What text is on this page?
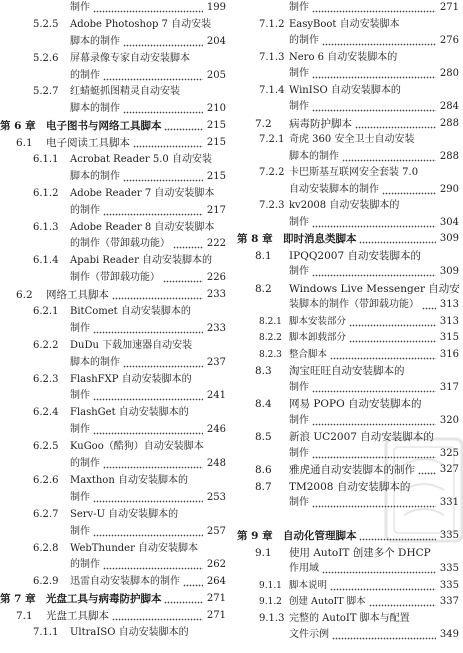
制作	199
5.2.5 Adobe Photoshop 7 自动安装
脚本的制作	204
5.2.6 屏幕录像专家自动安装脚本
的制作	205
5.2.7 红蜻蜓抓图精灵自动安装
脚本的制作	210
第 6 章 电子图书与网络工具脚本	215
6.1 电子阅读工具脚本	215
6.1.1 Acrobat Reader 5.0 自动安装
脚本的制作	215
6.1.2 Adobe Reader 7 自动安装脚本
的制作	217
6.1.3 Adobe Reader 8 自动安装脚本
的制作（带卸载功能）	222
6.1.4 Apabi Reader 自动安装脚本的
制作（带卸载功能）	226
6.2 网络工具脚本	233
6.2.1 BitComet 自动安装脚本的
制作	233
6.2.2 DuDu 下载加速器自动安装
脚本的制作	237
6.2.3 FlashFXP 自动安装脚本的
制作	241
6.2.4 FlashGet 自动安装脚本的
制作	246
6.2.5 KuGoo（酷狗）自动安装脚本
的制作	248
6.2.6 Maxthon 自动安装脚本的
制作	253
6.2.7 Serv-U 自动安装脚本的
制作	257
6.2.8 WebThunder 自动安装脚本
的制作	262
6.2.9 迅雷自动安装脚本的制作	264
第 7 章 光盘工具与病毒防护脚本	271
7.1 光盘工具脚本	271
7.1.1 UltraISO 自动安装脚本的
制作	271
7.1.2 EasyBoot 自动安装脚本
的制作	276
7.1.3 Nero 6 自动安装脚本的
制作	280
7.1.4 WinISO 自动安装脚本的
制作	284
7.2 病毒防护脚本	288
7.2.1 奇虎 360 安全卫士自动安装
脚本的制作	288
7.2.2 卡巴斯基互联网安全套装 7.0
自动安装脚本的制作	290
7.2.3 kv2008 自动安装脚本的
制作	304
第 8 章 即时消息类脚本	309
8.1 IPQQ2007 自动安装脚本的
制作	309
8.2 Windows Live Messenger 自动安
装脚本的制作（带卸载功能） 313
8.2.1 脚本安装部分	313
8.2.2 脚本卸载部分	315
8.2.3 整合脚本	316
8.3 淘宝旺旺自动安装脚本的
制作	317
8.4 网易 POPO 自动安装脚本的
制作	320
8.5 新浪 UC2007 自动安装脚本的
制作	325
8.6 雅虎通自动安装脚本的制作 327
8.7 TM2008 自动安装脚本的
制作	331
第 9 章 自动化管理脚本	335
9.1 使用 AutoIT 创建多个 DHCP
作用域	335
9.1.1 脚本说明	335
9.1.2 创建 AutoIT 脚本	337
9.1.3 完整的 AutoIT 脚本与配置
文件示例	349
